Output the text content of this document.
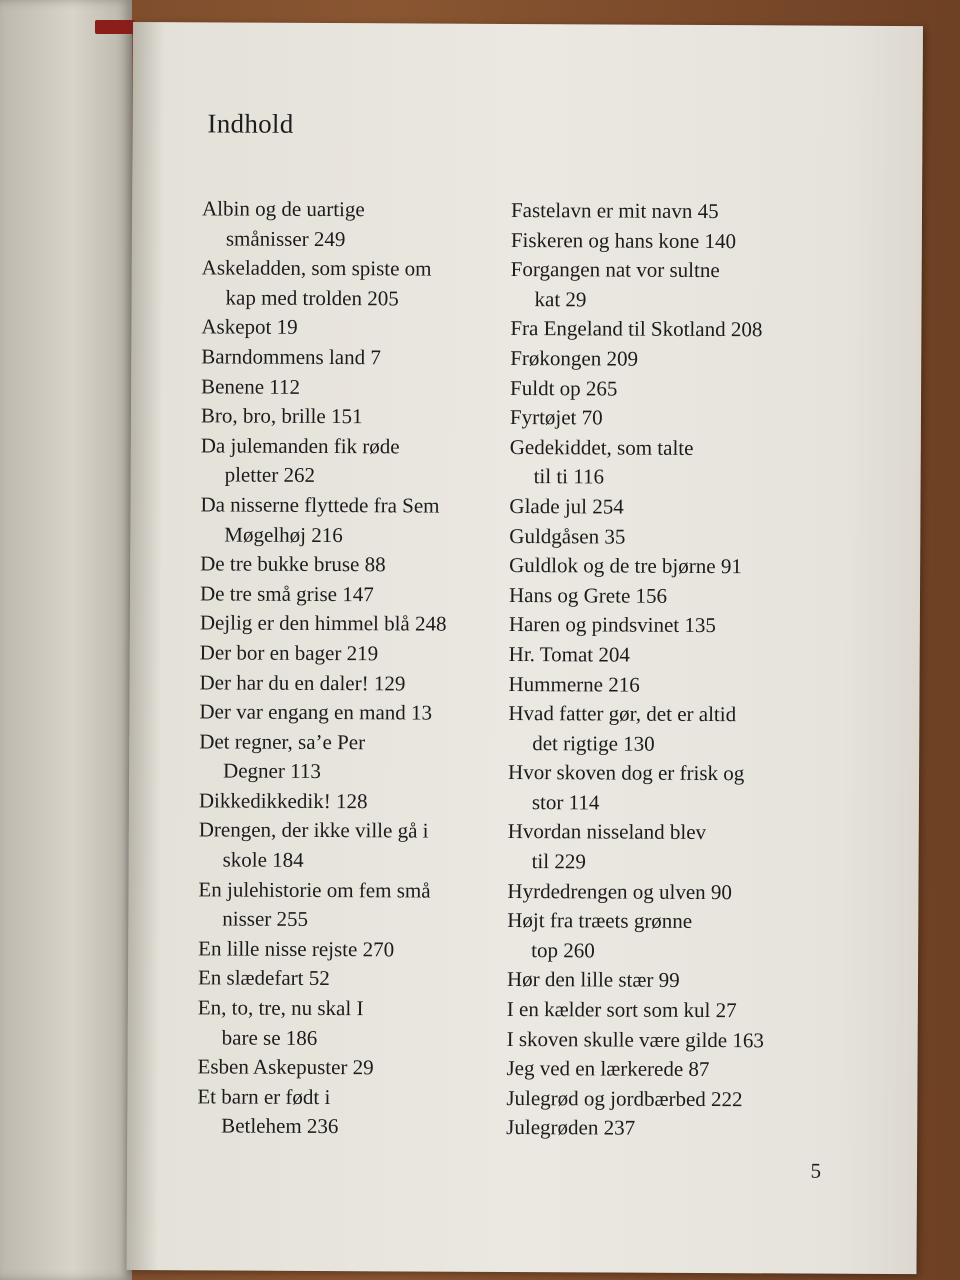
Indhold
Albin og de uartige
smånisser 249
Askeladden, som spiste om
kap med trolden 205
Askepot 19
Barndommens land 7
Benene 112
Bro, bro, brille 151
Da julemanden fik røde
pletter 262
Da nisserne flyttede fra Sem
Møgelhøj 216
De tre bukke bruse 88
De tre små grise 147
Dejlig er den himmel blå 248
Der bor en bager 219
Der har du en daler! 129
Der var engang en mand 13
Det regner, sa’e Per
Degner 113
Dikkedikkedik! 128
Drengen, der ikke ville gå i
skole 184
En julehistorie om fem små
nisser 255
En lille nisse rejste 270
En slædefart 52
En, to, tre, nu skal I
bare se 186
Esben Askepuster 29
Et barn er født i
Betlehem 236
Fastelavn er mit navn 45
Fiskeren og hans kone 140
Forgangen nat vor sultne
kat 29
Fra Engeland til Skotland 208
Frøkongen 209
Fuldt op 265
Fyrtøjet 70
Gedekiddet, som talte
til ti 116
Glade jul 254
Guldgåsen 35
Guldlok og de tre bjørne 91
Hans og Grete 156
Haren og pindsvinet 135
Hr. Tomat 204
Hummerne 216
Hvad fatter gør, det er altid
det rigtige 130
Hvor skoven dog er frisk og
stor 114
Hvordan nisseland blev
til 229
Hyrdedrengen og ulven 90
Højt fra træets grønne
top 260
Hør den lille stær 99
I en kælder sort som kul 27
I skoven skulle være gilde 163
Jeg ved en lærkerede 87
Julegrød og jordbærbed 222
Julegrøden 237
5
